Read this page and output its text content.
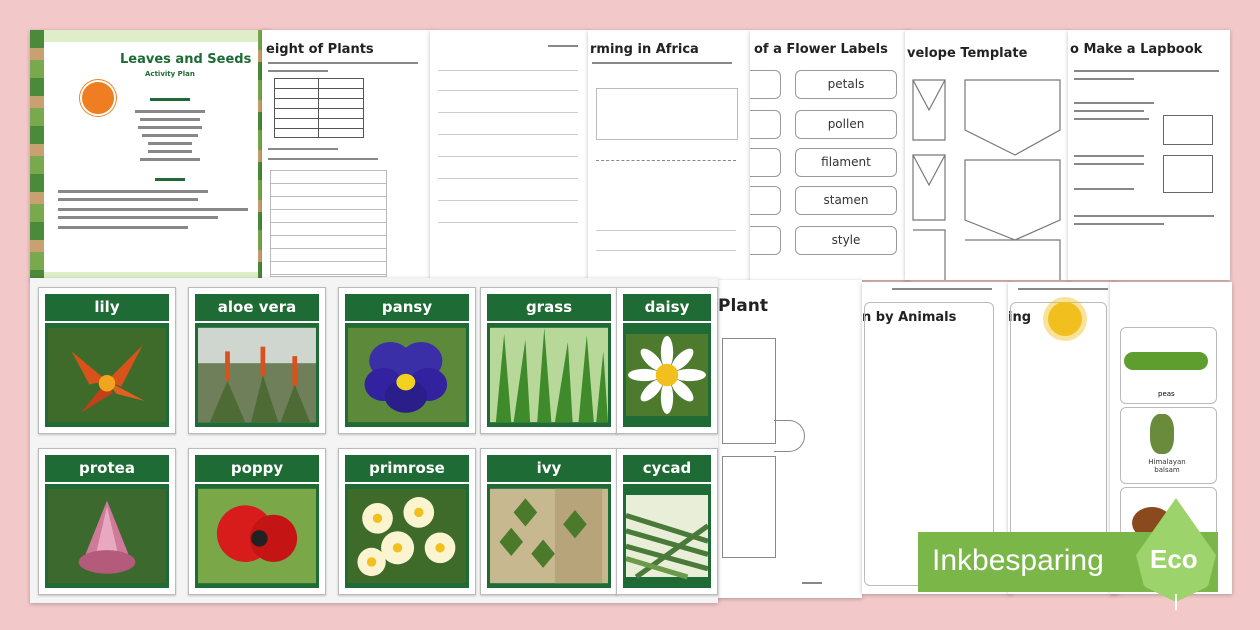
Leaves and Seeds
Activity Plan
eight of Plants	rming in Africa	of a Flower Labels
petals
pollen
filament
stamen
style
velope Template	o Make a Lapbook
Plant
n by Animals	ing
peas
Himalayan balsam
lily	aloe vera	pansy	grass	daisy
protea	poppy	primrose	ivy	cycad
Inkbesparing Eco
